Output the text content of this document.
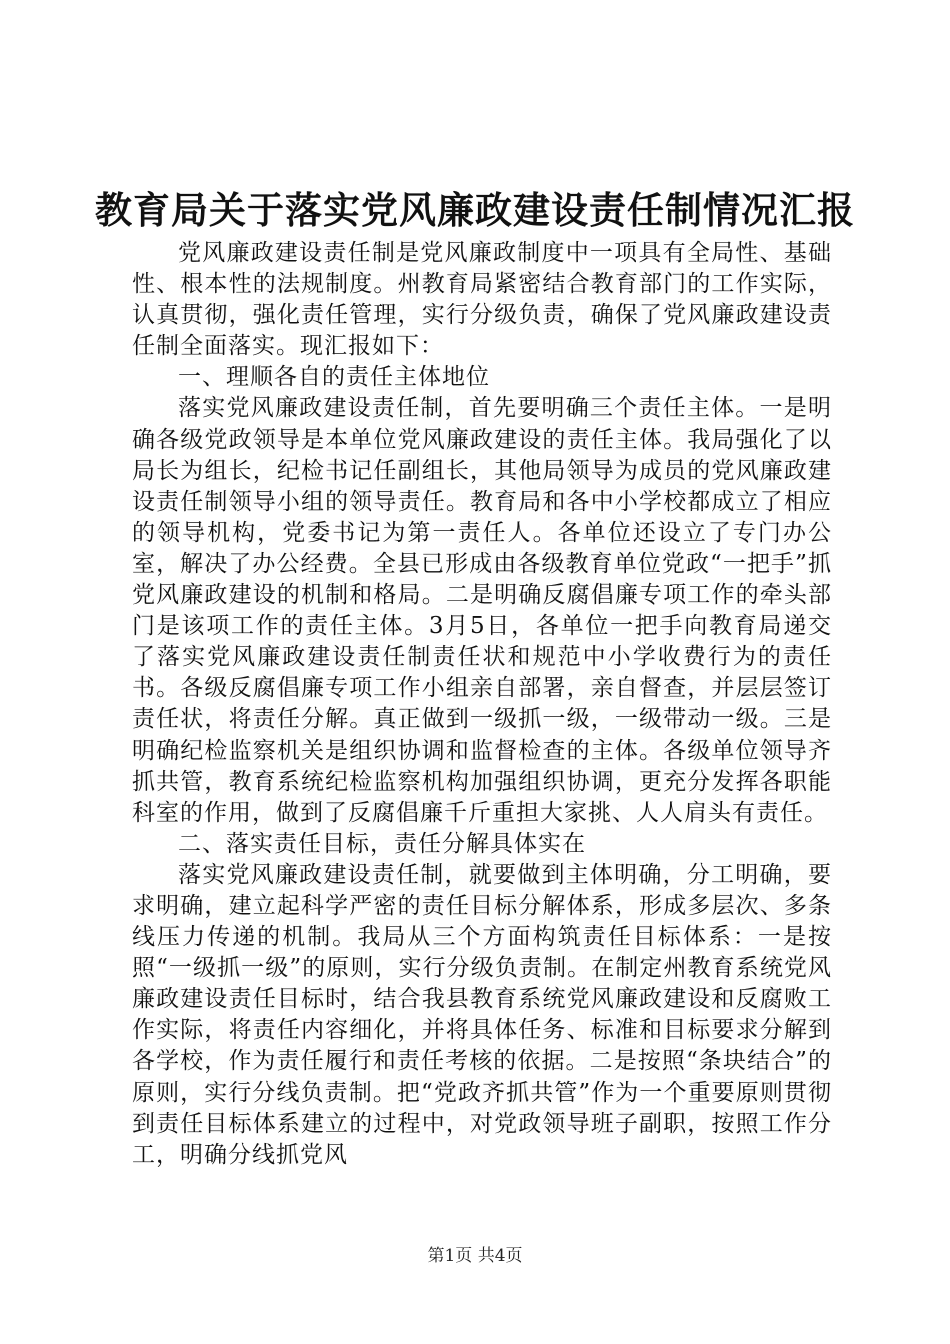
教育局关于落实党风廉政建设责任制情况汇报

党风廉政建设责任制是党风廉政制度中一项具有全局性、基础性、根本性的法规制度。州教育局紧密结合教育部门的工作实际，认真贯彻，强化责任管理，实行分级负责，确保了党风廉政建设责任制全面落实。现汇报如下：

一、理顺各自的责任主体地位

落实党风廉政建设责任制，首先要明确三个责任主体。一是明确各级党政领导是本单位党风廉政建设的责任主体。我局强化了以局长为组长，纪检书记任副组长，其他局领导为成员的党风廉政建设责任制领导小组的领导责任。教育局和各中小学校都成立了相应的领导机构，党委书记为第一责任人。各单位还设立了专门办公室，解决了办公经费。全县已形成由各级教育单位党政“一把手”抓党风廉政建设的机制和格局。二是明确反腐倡廉专项工作的牵头部门是该项工作的责任主体。3月5日，各单位一把手向教育局递交了落实党风廉政建设责任制责任状和规范中小学收费行为的责任书。各级反腐倡廉专项工作小组亲自部署，亲自督查，并层层签订责任状，将责任分解。真正做到一级抓一级，一级带动一级。三是明确纪检监察机关是组织协调和监督检查的主体。各级单位领导齐抓共管，教育系统纪检监察机构加强组织协调，更充分发挥各职能科室的作用，做到了反腐倡廉千斤重担大家挑、人人肩头有责任。

二、落实责任目标，责任分解具体实在

落实党风廉政建设责任制，就要做到主体明确，分工明确，要求明确，建立起科学严密的责任目标分解体系，形成多层次、多条线压力传递的机制。我局从三个方面构筑责任目标体系：一是按照“一级抓一级”的原则，实行分级负责制。在制定州教育系统党风廉政建设责任目标时，结合我县教育系统党风廉政建设和反腐败工作实际，将责任内容细化，并将具体任务、标准和目标要求分解到各学校，作为责任履行和责任考核的依据。二是按照“条块结合”的原则，实行分线负责制。把“党政齐抓共管”作为一个重要原则贯彻到责任目标体系建立的过程中，对党政领导班子副职，按照工作分工，明确分线抓党风

第1页 共4页
